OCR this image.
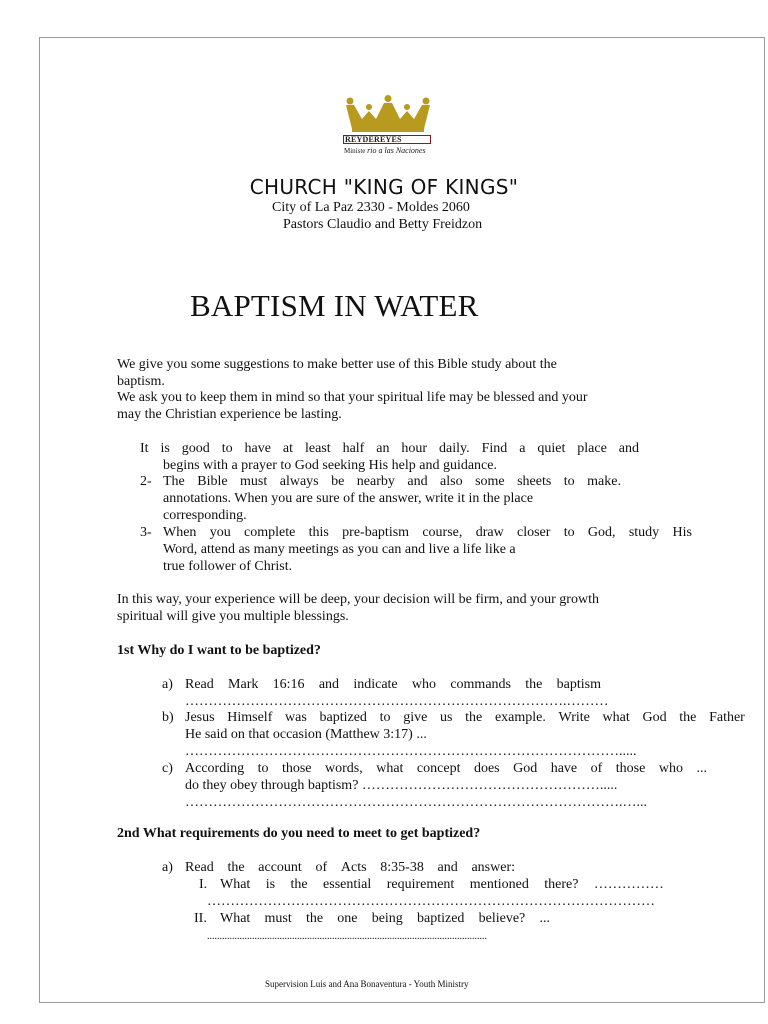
REYDEREYES
Ministe rio a las Naciones
CHURCH "KING OF KINGS"
City of La Paz 2330 - Moldes 2060
Pastors Claudio and Betty Freidzon
BAPTISM IN WATER
We give you some suggestions to make better use of this Bible study about the
baptism.
We ask you to keep them in mind so that your spiritual life may be blessed and your
may the Christian experience be lasting.
It is good to have at least half an hour daily. Find a quiet place and
begins with a prayer to God seeking His help and guidance.
2- The Bible must always be nearby and also some sheets to make.
annotations. When you are sure of the answer, write it in the place
corresponding.
3- When you complete this pre-baptism course, draw closer to God, study His
Word, attend as many meetings as you can and live a life like a
true follower of Christ.
In this way, your experience will be deep, your decision will be firm, and your growth
spiritual will give you multiple blessings.
1st Why do I want to be baptized?
a) Read Mark 16:16 and indicate who commands the baptism
……………………………………………………………………….………
b) Jesus Himself was baptized to give us the example. Write what God the Father
He said on that occasion (Matthew 3:17) ...
………………………………………………………………………………….....
c) According to those words, what concept does God have of those who ...
do they obey through baptism? …………………………………………….....
………………………………………………………………………………….…...
2nd What requirements do you need to meet to get baptized?
a) Read the account of Acts 8:35-38 and answer:
I. What is the essential requirement mentioned there? ……………
……………………………………………………………………………………
II. What must the one being baptized believe? ...
................................................................................................................
Supervision Luis and Ana Bonaventura - Youth Ministry
